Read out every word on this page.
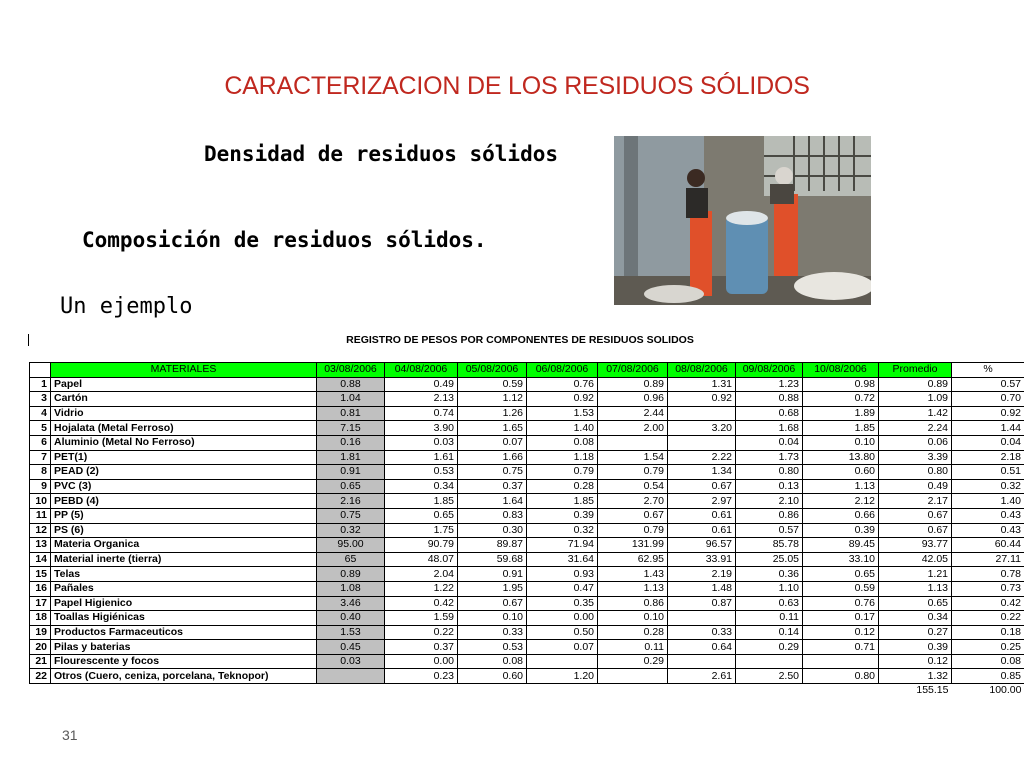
CARACTERIZACION DE LOS RESIDUOS SÓLIDOS
Densidad de residuos sólidos
Composición de residuos sólidos.
Un ejemplo
REGISTRO DE PESOS POR COMPONENTES DE RESIDUOS SOLIDOS
	MATERIALES	03/08/2006	04/08/2006	05/08/2006	06/08/2006	07/08/2006	08/08/2006	09/08/2006	10/08/2006	Promedio	%
1	Papel	0.88	0.49	0.59	0.76	0.89	1.31	1.23	0.98	0.89	0.57
3	Cartón	1.04	2.13	1.12	0.92	0.96	0.92	0.88	0.72	1.09	0.70
4	Vidrio	0.81	0.74	1.26	1.53	2.44		0.68	1.89	1.42	0.92
5	Hojalata (Metal Ferroso)	7.15	3.90	1.65	1.40	2.00	3.20	1.68	1.85	2.24	1.44
6	Aluminio (Metal No Ferroso)	0.16	0.03	0.07	0.08			0.04	0.10	0.06	0.04
7	PET(1)	1.81	1.61	1.66	1.18	1.54	2.22	1.73	13.80	3.39	2.18
8	PEAD (2)	0.91	0.53	0.75	0.79	0.79	1.34	0.80	0.60	0.80	0.51
9	PVC (3)	0.65	0.34	0.37	0.28	0.54	0.67	0.13	1.13	0.49	0.32
10	PEBD (4)	2.16	1.85	1.64	1.85	2.70	2.97	2.10	2.12	2.17	1.40
11	PP (5)	0.75	0.65	0.83	0.39	0.67	0.61	0.86	0.66	0.67	0.43
12	PS (6)	0.32	1.75	0.30	0.32	0.79	0.61	0.57	0.39	0.67	0.43
13	Materia Organica	95.00	90.79	89.87	71.94	131.99	96.57	85.78	89.45	93.77	60.44
14	Material inerte (tierra)	65	48.07	59.68	31.64	62.95	33.91	25.05	33.10	42.05	27.11
15	Telas	0.89	2.04	0.91	0.93	1.43	2.19	0.36	0.65	1.21	0.78
16	Pañales	1.08	1.22	1.95	0.47	1.13	1.48	1.10	0.59	1.13	0.73
17	Papel Higienico	3.46	0.42	0.67	0.35	0.86	0.87	0.63	0.76	0.65	0.42
18	Toallas Higiénicas	0.40	1.59	0.10	0.00	0.10		0.11	0.17	0.34	0.22
19	Productos Farmaceuticos	1.53	0.22	0.33	0.50	0.28	0.33	0.14	0.12	0.27	0.18
20	Pilas y baterias	0.45	0.37	0.53	0.07	0.11	0.64	0.29	0.71	0.39	0.25
21	Flourescente y focos	0.03	0.00	0.08		0.29				0.12	0.08
22	Otros (Cuero, ceniza, porcelana, Teknopor)		0.23	0.60	1.20		2.61	2.50	0.80	1.32	0.85
										155.15	100.00
31
